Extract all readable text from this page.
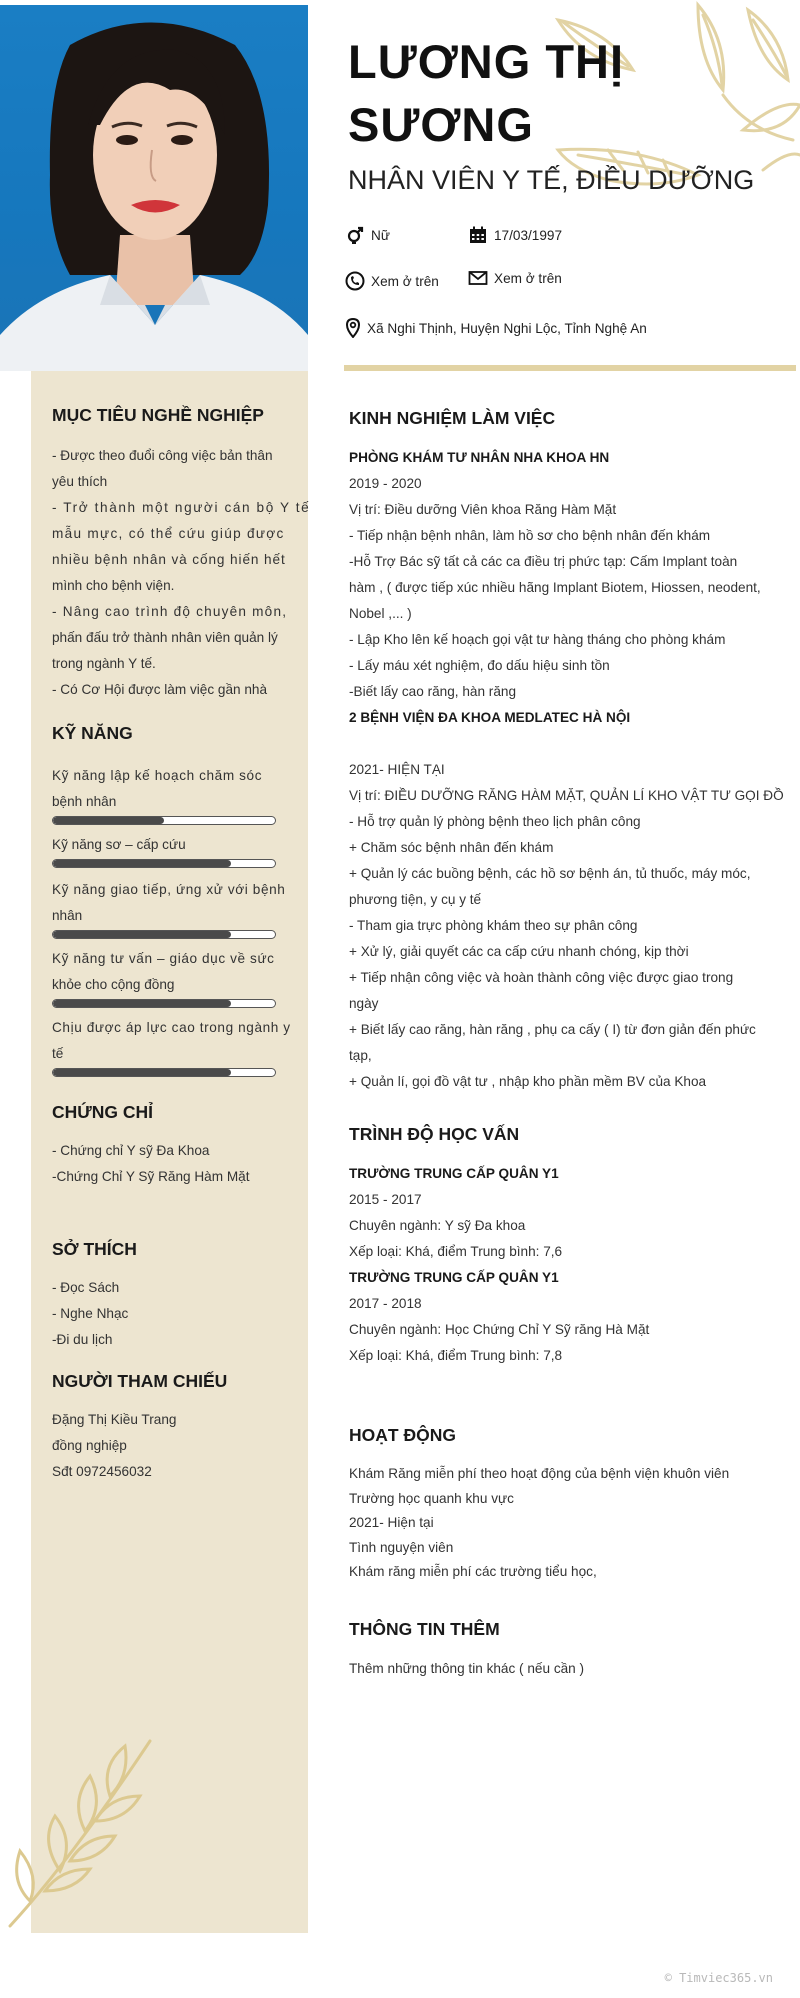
MỤC TIÊU NGHỀ NGHIỆP
- Được theo đuổi công việc bản thân
yêu thích
- Trở thành một người cán bộ Y tế
mẫu mực, có thể cứu giúp được
nhiều bệnh nhân và cống hiến hết
mình cho bệnh viện.
- Nâng cao trình độ chuyên môn,
phấn đấu trở thành nhân viên quản lý
trong ngành Y tế.
- Có Cơ Hội được làm việc gần nhà
KỸ NĂNG
Kỹ năng lập kế hoạch chăm sóc
bệnh nhân
Kỹ năng sơ – cấp cứu
Kỹ năng giao tiếp, ứng xử với bệnh
nhân
Kỹ năng tư vấn – giáo dục về sức
khỏe cho cộng đồng
Chịu được áp lực cao trong ngành y
tế
CHỨNG CHỈ
- Chứng chỉ Y sỹ Đa Khoa
-Chứng Chỉ Y Sỹ Răng Hàm Mặt
SỞ THÍCH
- Đọc Sách
- Nghe Nhạc
-Đi du lịch
NGƯỜI THAM CHIẾU
Đặng Thị Kiều Trang
đồng nghiệp
Sđt 0972456032
LƯƠNG THỊ
SƯƠNG
NHÂN VIÊN Y TẾ, ĐIỀU DƯỠNG
Nữ	17/03/1997
Xem ở trên	Xem ở trên
Xã Nghi Thịnh, Huyện Nghi Lộc, Tỉnh Nghệ An
KINH NGHIỆM LÀM VIỆC
PHÒNG KHÁM TƯ NHÂN NHA KHOA HN
2019 - 2020
Vị trí: Điều dưỡng Viên khoa Răng Hàm Mặt
- Tiếp nhận bệnh nhân, làm hồ sơ cho bệnh nhân đến khám
-Hỗ Trợ Bác sỹ tất cả các ca điều trị phức tạp: Cấm Implant toàn
hàm , ( được tiếp xúc nhiều hãng Implant Biotem, Hiossen, neodent,
Nobel ,... )
- Lập Kho lên kế hoạch gọi vật tư hàng tháng cho phòng khám
- Lấy máu xét nghiệm, đo dấu hiệu sinh tồn
-Biết lấy cao răng, hàn răng
2 BỆNH VIỆN ĐA KHOA MEDLATEC HÀ NỘI
2021- HIỆN TẠI
Vị trí: ĐIỀU DƯỠNG RĂNG HÀM MẶT, QUẢN LÍ KHO VẬT TƯ GỌI ĐỒ
- Hỗ trợ quản lý phòng bệnh theo lịch phân công
+ Chăm sóc bệnh nhân đến khám
+ Quản lý các buồng bệnh, các hồ sơ bệnh án, tủ thuốc, máy móc,
phương tiện, y cụ y tế
- Tham gia trực phòng khám theo sự phân công
+ Xử lý, giải quyết các ca cấp cứu nhanh chóng, kịp thời
+ Tiếp nhận công việc và hoàn thành công việc được giao trong
ngày
+ Biết lấy cao răng, hàn răng , phụ ca cấy ( I) từ đơn giản đến phức
tạp,
+ Quản lí, gọi đồ vật tư , nhập kho phần mềm BV của Khoa
TRÌNH ĐỘ HỌC VẤN
TRƯỜNG TRUNG CẤP QUÂN Y1
2015 - 2017
Chuyên ngành: Y sỹ Đa khoa
Xếp loại: Khá, điểm Trung bình: 7,6
TRƯỜNG TRUNG CẤP QUÂN Y1
2017 - 2018
Chuyên ngành: Học Chứng Chỉ Y Sỹ răng Hà Mặt
Xếp loại: Khá, điểm Trung bình: 7,8
HOẠT ĐỘNG
Khám Răng miễn phí theo hoạt động của bệnh viện khuôn viên
Trường học quanh khu vực
2021- Hiện tại
Tình nguyện viên
Khám răng miễn phí các trường tiểu học,
THÔNG TIN THÊM
Thêm những thông tin khác ( nếu cần )
© Timviec365.vn
